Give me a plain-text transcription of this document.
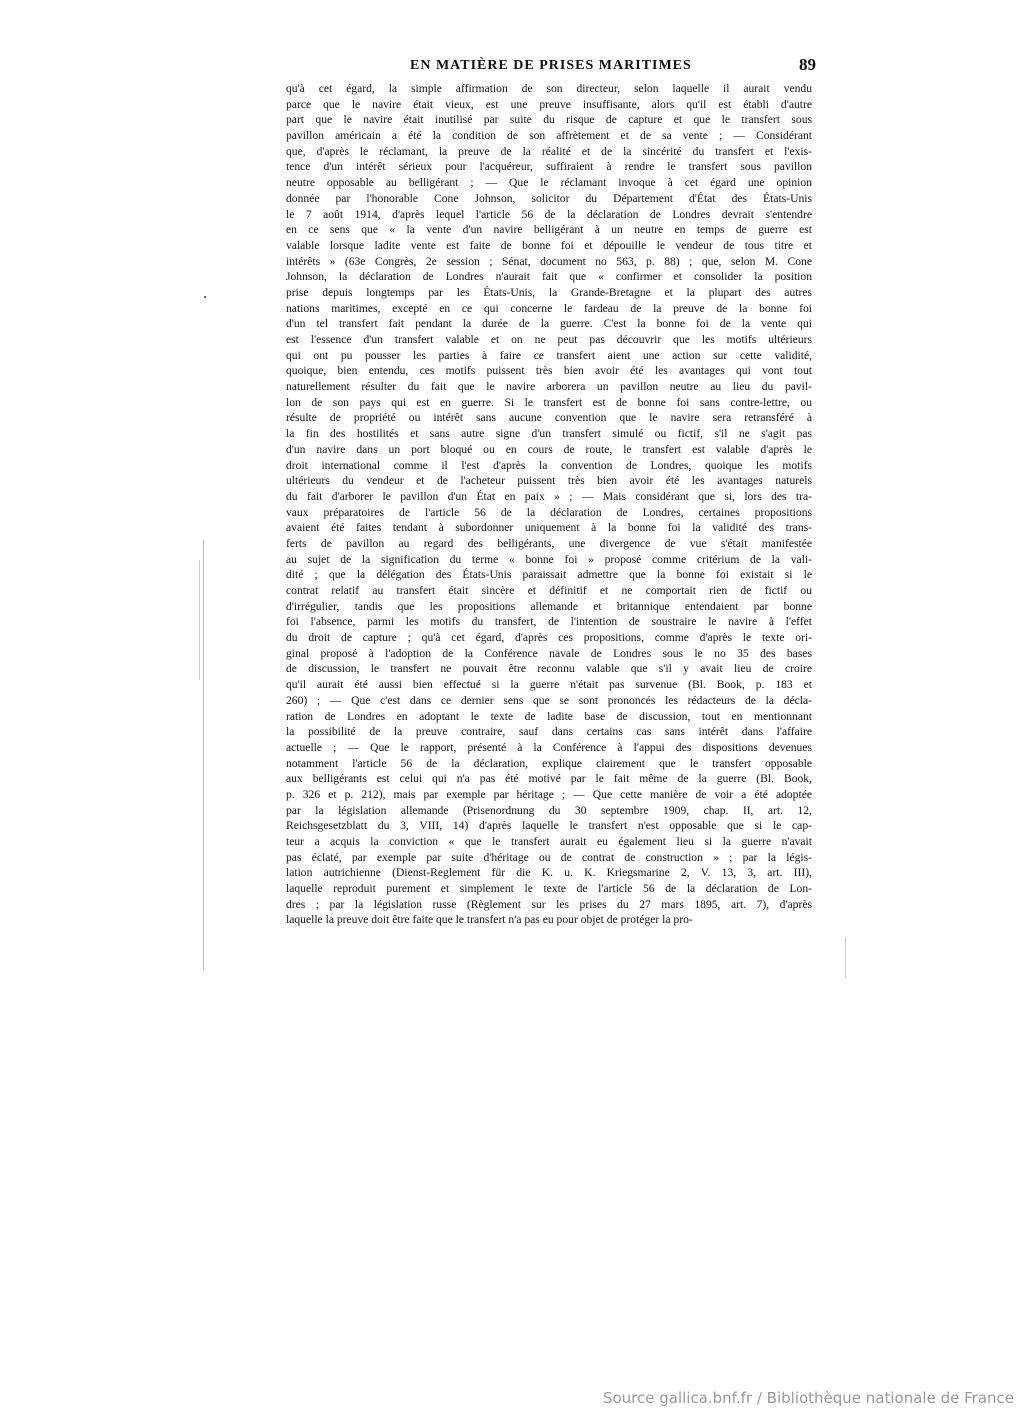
EN MATIÈRE DE PRISES MARITIMES	89
qu'à cet égard, la simple affirmation de son directeur, selon laquelle il aurait vendu
parce que le navire était vieux, est une preuve insuffisante, alors qu'il est établi d'autre
part que le navire était inutilisé par suite du risque de capture et que le transfert sous
pavillon américain a été la condition de son affrètement et de sa vente ; — Considérant
que, d'après le réclamant, la preuve de la réalité et de la sincérité du transfert et l'exis-
tence d'un intérêt sérieux pour l'acquéreur, suffiraient à rendre le transfert sous pavillon
neutre opposable au belligérant ; — Que le réclamant invoque à cet égard une opinion
donnée par l'honorable Cone Johnson, solicitor du Département d'État des États-Unis
le 7 août 1914, d'après lequel l'article 56 de la déclaration de Londres devrait s'entendre
en ce sens que « la vente d'un navire belligérant à un neutre en temps de guerre est
valable lorsque ladite vente est faite de bonne foi et dépouille le vendeur de tous titre et
intérêts » (63e Congrès, 2e session ; Sénat, document no 563, p. 88) ; que, selon M. Cone
Johnson, la déclaration de Londres n'aurait fait que « confirmer et consolider la position
prise depuis longtemps par les États-Unis, la Grande-Bretagne et la plupart des autres
nations maritimes, excepté en ce qui concerne le fardeau de la preuve de la bonne foi
d'un tel transfert fait pendant la durée de la guerre. C'est la bonne foi de la vente qui
est l'essence d'un transfert valable et on ne peut pas découvrir que les motifs ultérieurs
qui ont pu pousser les parties à faire ce transfert aient une action sur cette validité,
quoique, bien entendu, ces motifs puissent très bien avoir été les avantages qui vont tout
naturellement résulter du fait que le navire arborera un pavillon neutre au lieu du pavil-
lon de son pays qui est en guerre. Si le transfert est de bonne foi sans contre-lettre, ou
résulte de propriété ou intérêt sans aucune convention que le navire sera retransféré à
la fin des hostilités et sans autre signe d'un transfert simulé ou fictif, s'il ne s'agit pas
d'un navire dans un port bloqué ou en cours de route, le transfert est valable d'après le
droit international comme il l'est d'après la convention de Londres, quoique les motifs
ultérieurs du vendeur et de l'acheteur puissent très bien avoir été les avantages naturels
du fait d'arborer le pavillon d'un État en paix » ; — Mais considérant que si, lors des tra-
vaux préparatoires de l'article 56 de la déclaration de Londres, certaines propositions
avaient été faites tendant à subordonner uniquement à la bonne foi la validité des trans-
ferts de pavillon au regard des belligérants, une divergence de vue s'était manifestée
au sujet de la signification du terme « bonne foi » proposé comme critérium de la vali-
dité ; que la délégation des États-Unis paraissait admettre que la bonne foi existait si le
contrat relatif au transfert était sincère et définitif et ne comportait rien de fictif ou
d'irrégulier, tandis que les propositions allemande et britannique entendaient par bonne
foi l'absence, parmi les motifs du transfert, de l'intention de soustraire le navire à l'effet
du droit de capture ; qu'à cet égard, d'après ces propositions, comme d'après le texte ori-
ginal proposé à l'adoption de la Conférence navale de Londres sous le no 35 des bases
de discussion, le transfert ne pouvait être reconnu valable que s'il y avait lieu de croire
qu'il aurait été aussi bien effectué si la guerre n'était pas survenue (Bl. Book, p. 183 et
260) ; — Que c'est dans ce dernier sens que se sont prononcés les rédacteurs de la décla-
ration de Londres en adoptant le texte de ladite base de discussion, tout en mentionnant
la possibilité de la preuve contraire, sauf dans certains cas sans intérêt dans l'affaire
actuelle ; — Que le rapport, présenté à la Conférence à l'appui des dispositions devenues
notamment l'article 56 de la déclaration, explique clairement que le transfert opposable
aux belligérants est celui qui n'a pas été motivé par le fait même de la guerre (Bl. Book,
p. 326 et p. 212), mais par exemple par héritage ; — Que cette manière de voir a été adoptée
par la législation allemande (Prisenordnung du 30 septembre 1909, chap. II, art. 12,
Reichsgesetzblatt du 3, VIII, 14) d'après laquelle le transfert n'est opposable que si le cap-
teur a acquis la conviction « que le transfert aurait eu également lieu si la guerre n'avait
pas éclaté, par exemple par suite d'héritage ou de contrat de construction » ; par la légis-
lation autrichienne (Dienst-Reglement für die K. u. K. Kriegsmarine 2, V. 13, 3, art. III),
laquelle reproduit purement et simplement le texte de l'article 56 de la déclaration de Lon-
dres ; par la législation russe (Règlement sur les prises du 27 mars 1895, art. 7), d'après
laquelle la preuve doit être faite que le transfert n'a pas eu pour objet de protéger la pro-
Source gallica.bnf.fr / Bibliothèque nationale de France
